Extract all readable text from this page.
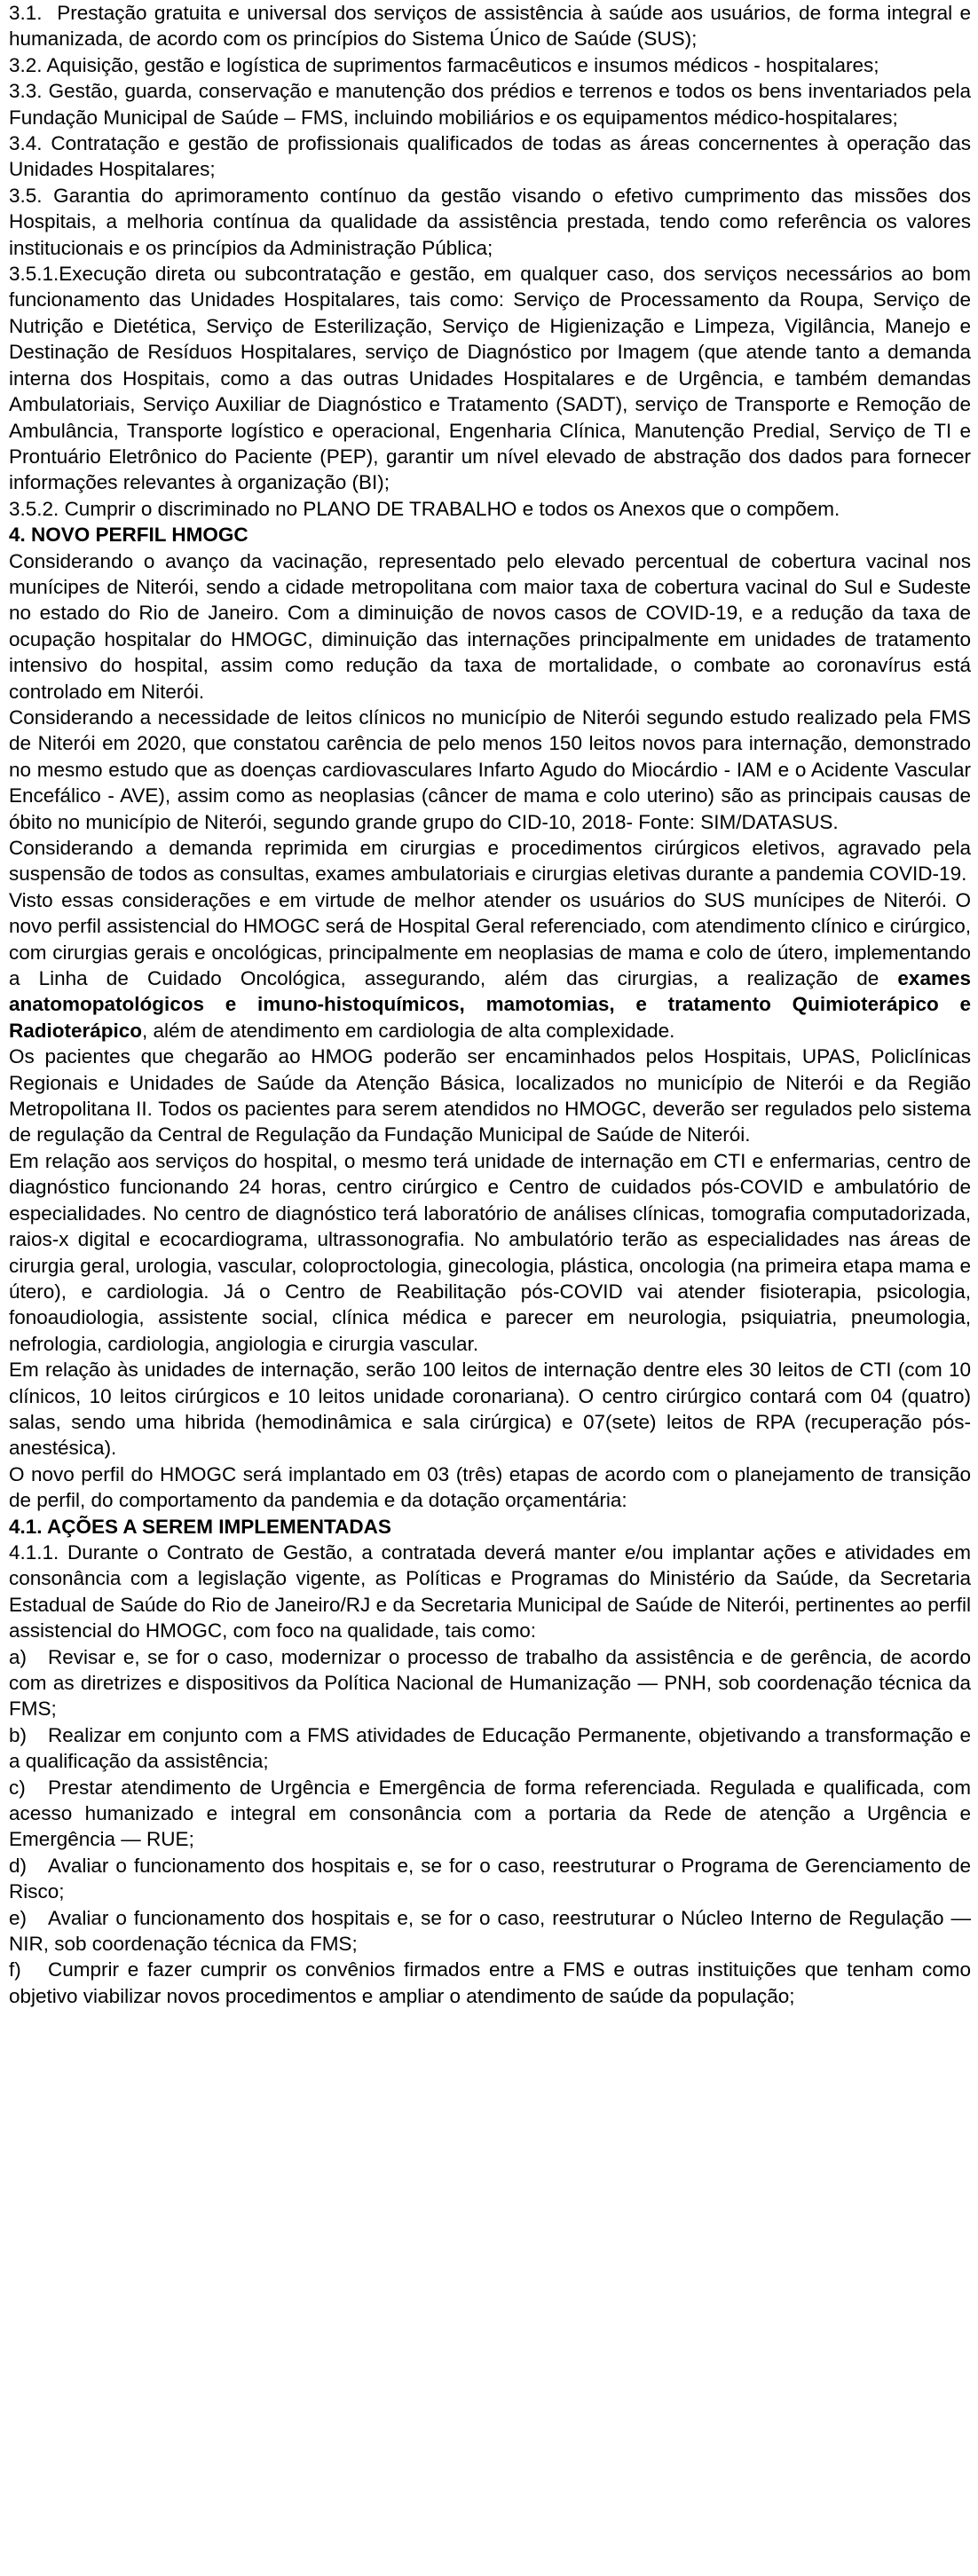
3.1. Prestação gratuita e universal dos serviços de assistência à saúde aos usuários, de forma integral e humanizada, de acordo com os princípios do Sistema Único de Saúde (SUS);

3.2. Aquisição, gestão e logística de suprimentos farmacêuticos e insumos médicos - hospitalares;

3.3. Gestão, guarda, conservação e manutenção dos prédios e terrenos e todos os bens inventariados pela Fundação Municipal de Saúde – FMS, incluindo mobiliários e os equipamentos médico-hospitalares;

3.4. Contratação e gestão de profissionais qualificados de todas as áreas concernentes à operação das Unidades Hospitalares;

3.5. Garantia do aprimoramento contínuo da gestão visando o efetivo cumprimento das missões dos Hospitais, a melhoria contínua da qualidade da assistência prestada, tendo como referência os valores institucionais e os princípios da Administração Pública;

3.5.1.Execução direta ou subcontratação e gestão, em qualquer caso, dos serviços necessários ao bom funcionamento das Unidades Hospitalares, tais como: Serviço de Processamento da Roupa, Serviço de Nutrição e Dietética, Serviço de Esterilização, Serviço de Higienização e Limpeza, Vigilância, Manejo e Destinação de Resíduos Hospitalares, serviço de Diagnóstico por Imagem (que atende tanto a demanda interna dos Hospitais, como a das outras Unidades Hospitalares e de Urgência, e também demandas Ambulatoriais, Serviço Auxiliar de Diagnóstico e Tratamento (SADT), serviço de Transporte e Remoção de Ambulância, Transporte logístico e operacional, Engenharia Clínica, Manutenção Predial, Serviço de TI e Prontuário Eletrônico do Paciente (PEP), garantir um nível elevado de abstração dos dados para fornecer informações relevantes à organização (BI);

3.5.2. Cumprir o discriminado no PLANO DE TRABALHO e todos os Anexos que o compõem.

4. NOVO PERFIL HMOGC

Considerando o avanço da vacinação, representado pelo elevado percentual de cobertura vacinal nos munícipes de Niterói, sendo a cidade metropolitana com maior taxa de cobertura vacinal do Sul e Sudeste no estado do Rio de Janeiro. Com a diminuição de novos casos de COVID-19, e a redução da taxa de ocupação hospitalar do HMOGC, diminuição das internações principalmente em unidades de tratamento intensivo do hospital, assim como redução da taxa de mortalidade, o combate ao coronavírus está controlado em Niterói.

Considerando a necessidade de leitos clínicos no município de Niterói segundo estudo realizado pela FMS de Niterói em 2020, que constatou carência de pelo menos 150 leitos novos para internação, demonstrado no mesmo estudo que as doenças cardiovasculares Infarto Agudo do Miocárdio - IAM e o Acidente Vascular Encefálico - AVE), assim como as neoplasias (câncer de mama e colo uterino) são as principais causas de óbito no município de Niterói, segundo grande grupo do CID-10, 2018- Fonte: SIM/DATASUS.

Considerando a demanda reprimida em cirurgias e procedimentos cirúrgicos eletivos, agravado pela suspensão de todos as consultas, exames ambulatoriais e cirurgias eletivas durante a pandemia COVID-19.

Visto essas considerações e em virtude de melhor atender os usuários do SUS munícipes de Niterói. O novo perfil assistencial do HMOGC será de Hospital Geral referenciado, com atendimento clínico e cirúrgico, com cirurgias gerais e oncológicas, principalmente em neoplasias de mama e colo de útero, implementando a Linha de Cuidado Oncológica, assegurando, além das cirurgias, a realização de exames anatomopatológicos e imuno-histoquímicos, mamotomias, e tratamento Quimioterápico e Radioterápico, além de atendimento em cardiologia de alta complexidade.

Os pacientes que chegarão ao HMOG poderão ser encaminhados pelos Hospitais, UPAS, Policlínicas Regionais e Unidades de Saúde da Atenção Básica, localizados no município de Niterói e da Região Metropolitana II. Todos os pacientes para serem atendidos no HMOGC, deverão ser regulados pelo sistema de regulação da Central de Regulação da Fundação Municipal de Saúde de Niterói.

Em relação aos serviços do hospital, o mesmo terá unidade de internação em CTI e enfermarias, centro de diagnóstico funcionando 24 horas, centro cirúrgico e Centro de cuidados pós-COVID e ambulatório de especialidades. No centro de diagnóstico terá laboratório de análises clínicas, tomografia computadorizada, raios-x digital e ecocardiograma, ultrassonografia. No ambulatório terão as especialidades nas áreas de cirurgia geral, urologia, vascular, coloproctologia, ginecologia, plástica, oncologia (na primeira etapa mama e útero), e cardiologia. Já o Centro de Reabilitação pós-COVID vai atender fisioterapia, psicologia, fonoaudiologia, assistente social, clínica médica e parecer em neurologia, psiquiatria, pneumologia, nefrologia, cardiologia, angiologia e cirurgia vascular.

Em relação às unidades de internação, serão 100 leitos de internação dentre eles 30 leitos de CTI (com 10 clínicos, 10 leitos cirúrgicos e 10 leitos unidade coronariana). O centro cirúrgico contará com 04 (quatro) salas, sendo uma hibrida (hemodinâmica e sala cirúrgica) e 07(sete) leitos de RPA (recuperação pós-anestésica).

O novo perfil do HMOGC será implantado em 03 (três) etapas de acordo com o planejamento de transição de perfil, do comportamento da pandemia e da dotação orçamentária:

4.1. AÇÕES A SEREM IMPLEMENTADAS

4.1.1. Durante o Contrato de Gestão, a contratada deverá manter e/ou implantar ações e atividades em consonância com a legislação vigente, as Políticas e Programas do Ministério da Saúde, da Secretaria Estadual de Saúde do Rio de Janeiro/RJ e da Secretaria Municipal de Saúde de Niterói, pertinentes ao perfil assistencial do HMOGC, com foco na qualidade, tais como:

a) Revisar e, se for o caso, modernizar o processo de trabalho da assistência e de gerência, de acordo com as diretrizes e dispositivos da Política Nacional de Humanização — PNH, sob coordenação técnica da FMS;

b) Realizar em conjunto com a FMS atividades de Educação Permanente, objetivando a transformação e a qualificação da assistência;

c) Prestar atendimento de Urgência e Emergência de forma referenciada. Regulada e qualificada, com acesso humanizado e integral em consonância com a portaria da Rede de atenção a Urgência e Emergência — RUE;

d) Avaliar o funcionamento dos hospitais e, se for o caso, reestruturar o Programa de Gerenciamento de Risco;

e) Avaliar o funcionamento dos hospitais e, se for o caso, reestruturar o Núcleo Interno de Regulação — NIR, sob coordenação técnica da FMS;

f) Cumprir e fazer cumprir os convênios firmados entre a FMS e outras instituições que tenham como objetivo viabilizar novos procedimentos e ampliar o atendimento de saúde da população;
